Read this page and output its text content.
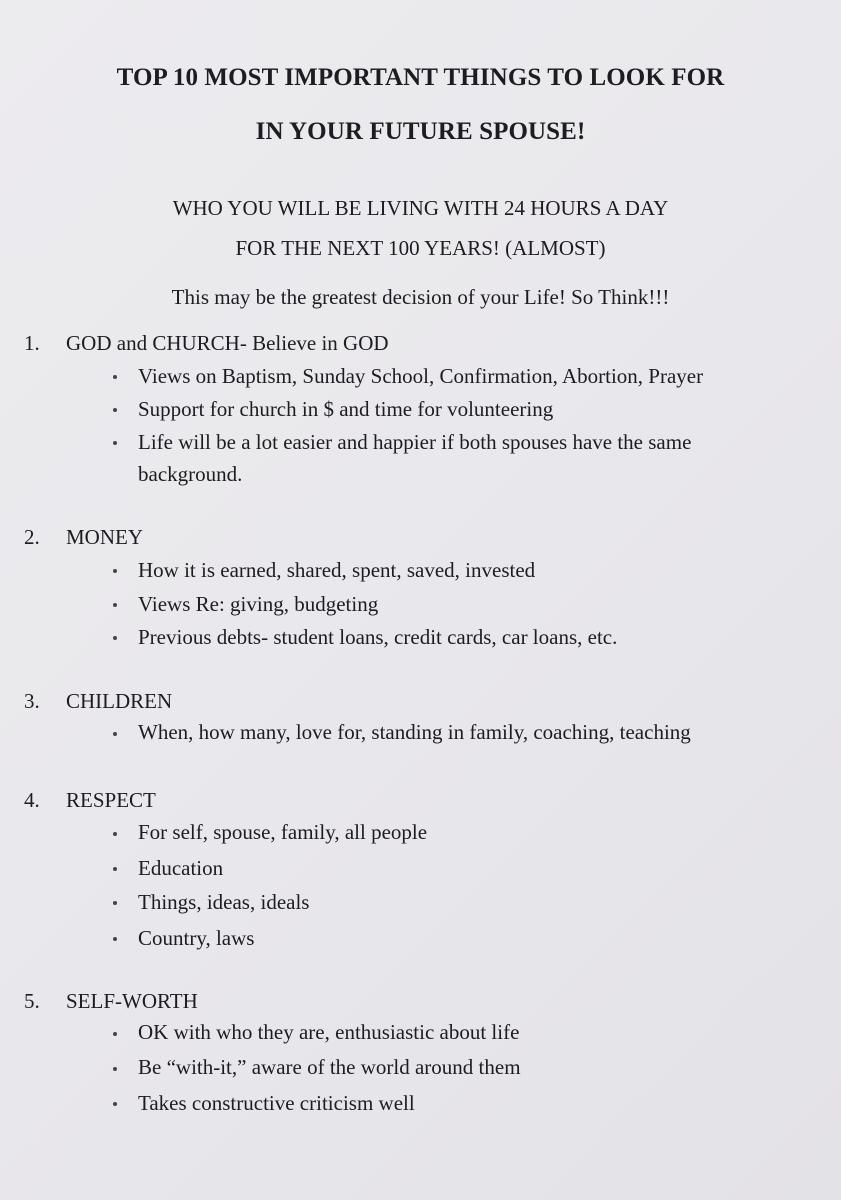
TOP 10 MOST IMPORTANT THINGS TO LOOK FOR
IN YOUR FUTURE SPOUSE!
WHO YOU WILL BE LIVING WITH 24 HOURS A DAY
FOR THE NEXT 100 YEARS! (ALMOST)
This may be the greatest decision of your Life! So Think!!!
1. GOD and CHURCH- Believe in GOD
Views on Baptism, Sunday School, Confirmation, Abortion, Prayer
Support for church in $ and time for volunteering
Life will be a lot easier and happier if both spouses have the same
background.
2. MONEY
How it is earned, shared, spent, saved, invested
Views Re: giving, budgeting
Previous debts- student loans, credit cards, car loans, etc.
3. CHILDREN
When, how many, love for, standing in family, coaching, teaching
4. RESPECT
For self, spouse, family, all people
Education
Things, ideas, ideals
Country, laws
5. SELF-WORTH
OK with who they are, enthusiastic about life
Be “with-it,” aware of the world around them
Takes constructive criticism well
